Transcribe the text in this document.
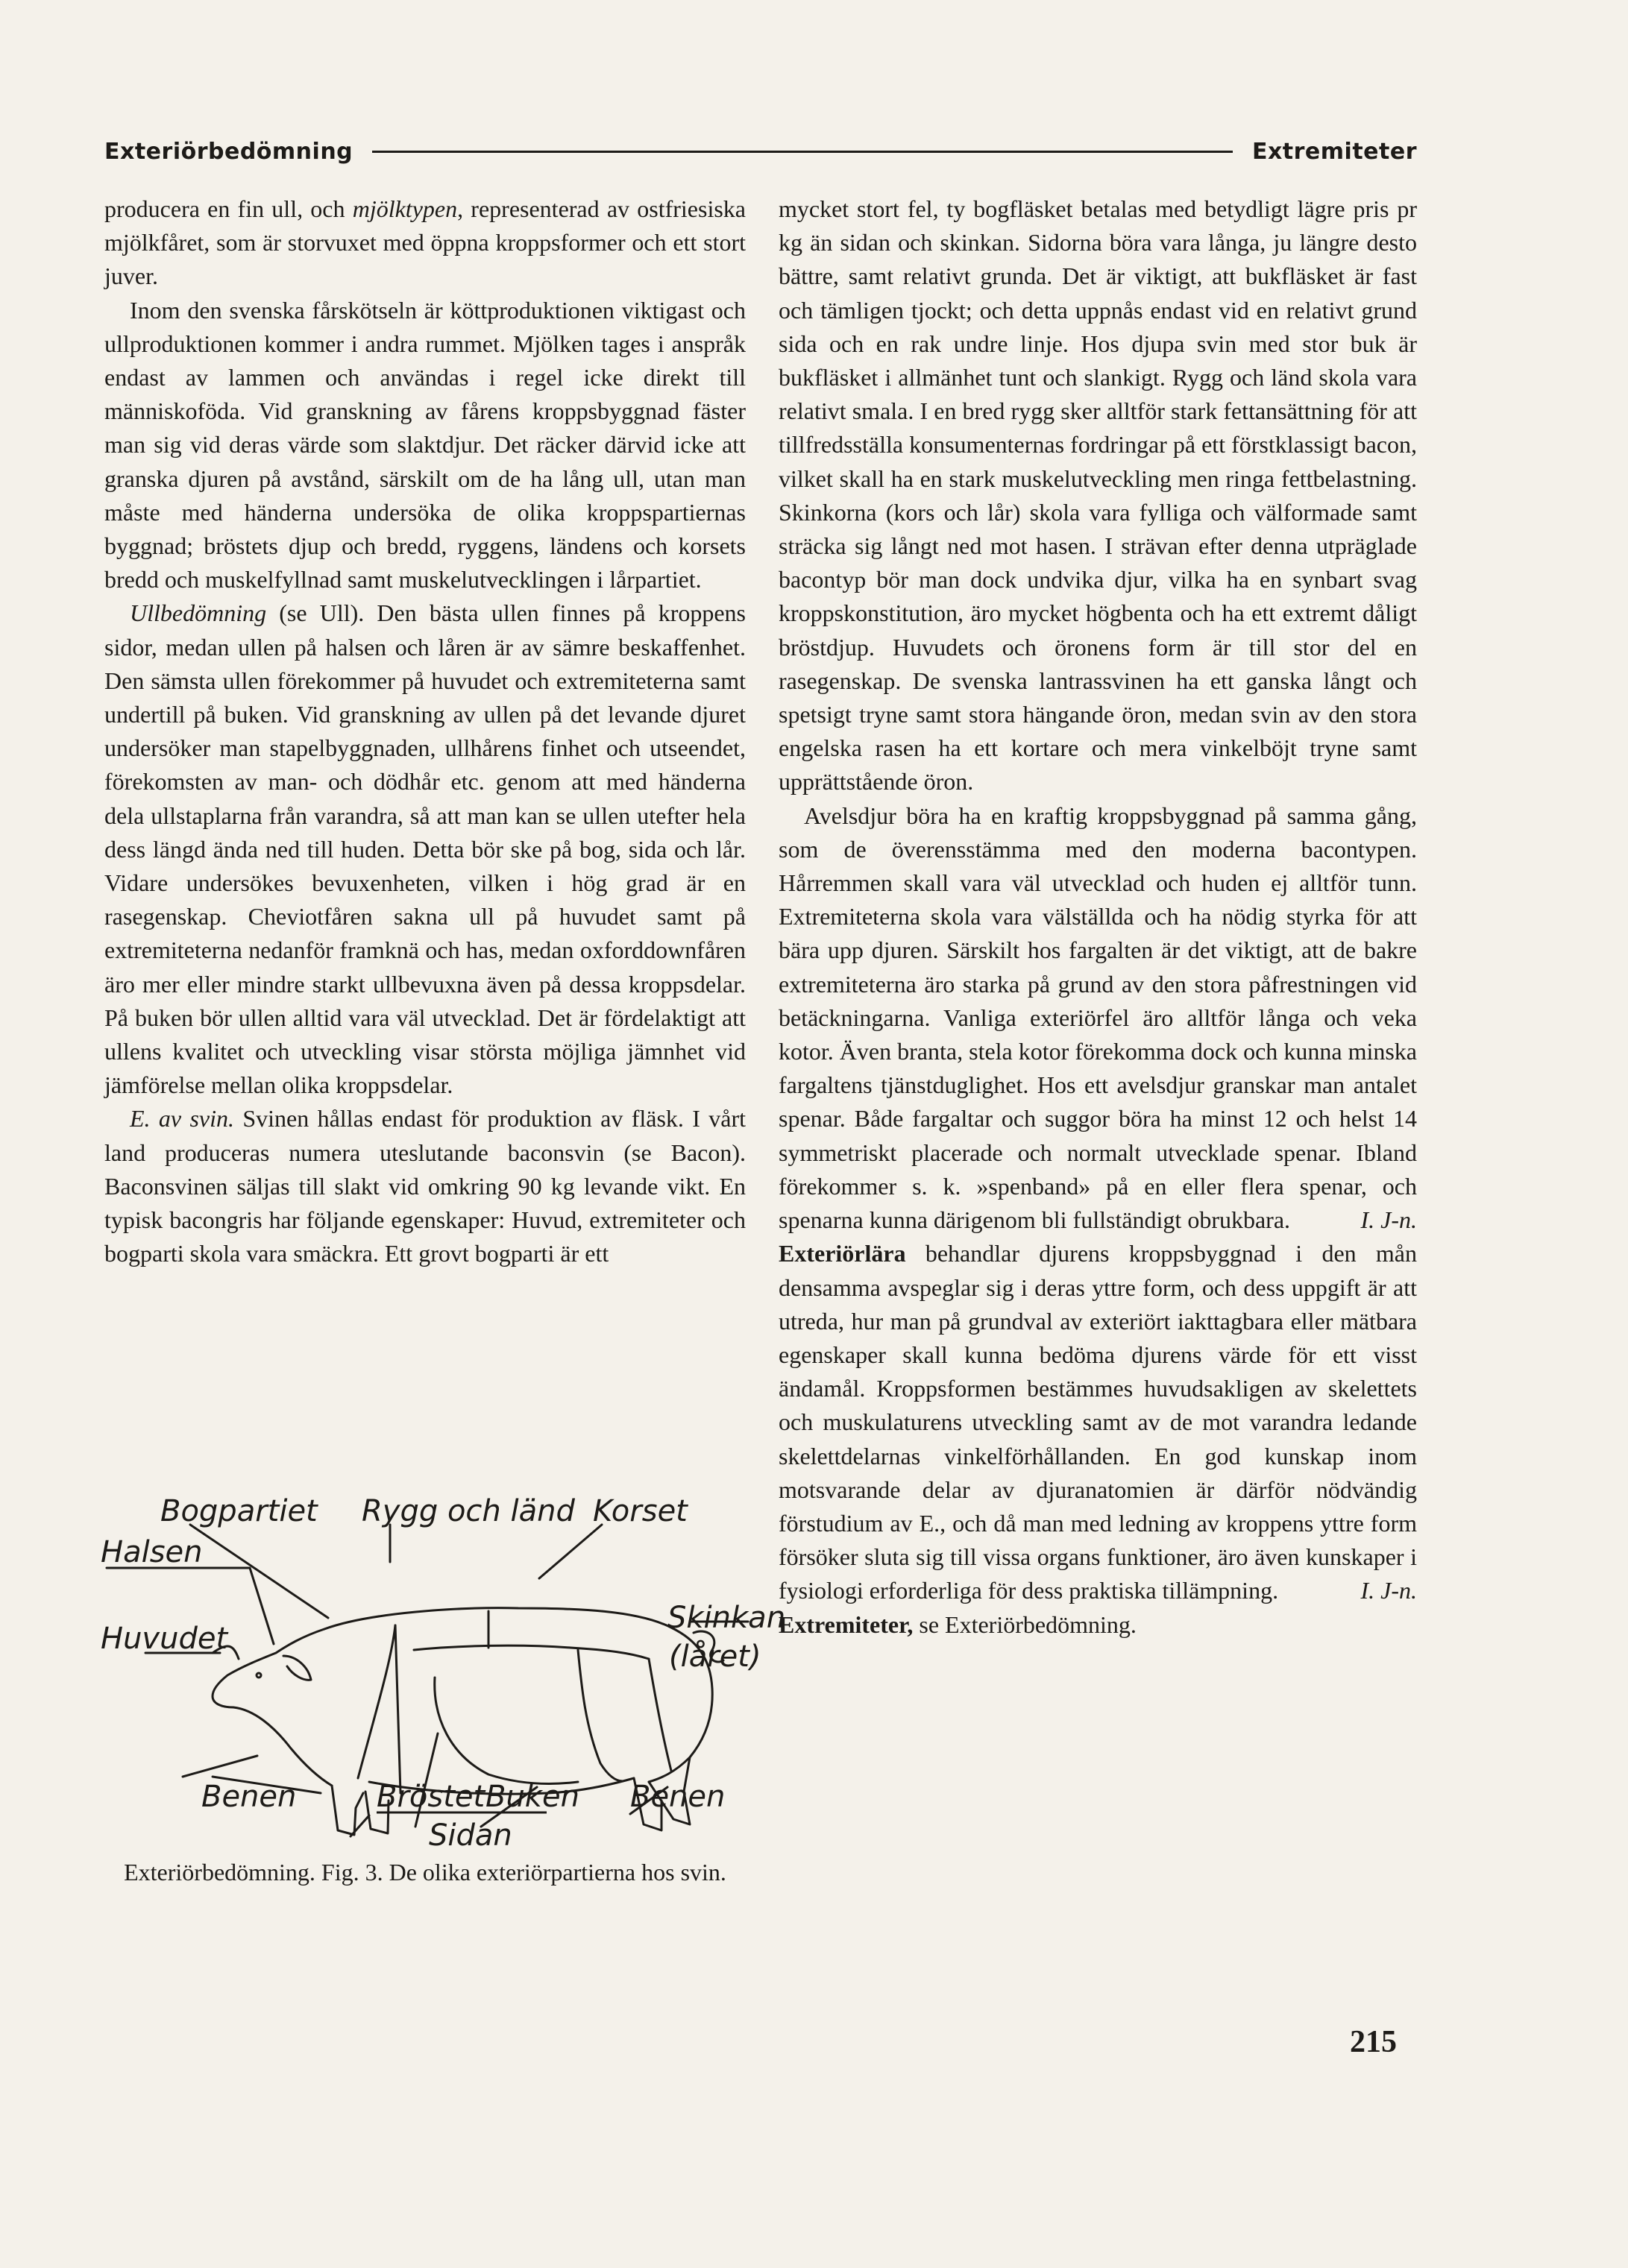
Exteriörbedömning	Extremiteter

producera en fin ull, och mjölktypen, representerad av ostfriesiska mjölkfåret, som är storvuxet med öppna kroppsformer och ett stort juver.

Inom den svenska fårskötseln är köttproduktionen viktigast och ullproduktionen kommer i andra rummet. Mjölken tages i anspråk endast av lammen och användas i regel icke direkt till människoföda. Vid granskning av fårens kroppsbyggnad fäster man sig vid deras värde som slaktdjur. Det räcker därvid icke att granska djuren på avstånd, särskilt om de ha lång ull, utan man måste med händerna undersöka de olika kroppspartiernas byggnad; bröstets djup och bredd, ryggens, ländens och korsets bredd och muskelfyllnad samt muskelutvecklingen i lårpartiet.

Ullbedömning (se Ull). Den bästa ullen finnes på kroppens sidor, medan ullen på halsen och låren är av sämre beskaffenhet. Den sämsta ullen förekommer på huvudet och extremiteterna samt undertill på buken. Vid granskning av ullen på det levande djuret undersöker man stapelbyggnaden, ullhårens finhet och utseendet, förekomsten av man- och dödhår etc. genom att med händerna dela ullstaplarna från varandra, så att man kan se ullen utefter hela dess längd ända ned till huden. Detta bör ske på bog, sida och lår. Vidare undersökes bevuxenheten, vilken i hög grad är en rasegenskap. Cheviotfåren sakna ull på huvudet samt på extremiteterna nedanför framknä och has, medan oxforddownfåren äro mer eller mindre starkt ullbevuxna även på dessa kroppsdelar. På buken bör ullen alltid vara väl utvecklad. Det är fördelaktigt att ullens kvalitet och utveckling visar största möjliga jämnhet vid jämförelse mellan olika kroppsdelar.

E. av svin. Svinen hållas endast för produktion av fläsk. I vårt land produceras numera uteslutande baconsvin (se Bacon). Baconsvinen säljas till slakt vid omkring 90 kg levande vikt. En typisk bacongris har följande egenskaper: Huvud, extremiteter och bogparti skola vara smäckra. Ett grovt bogparti är ett

Bogpartiet Rygg och länd Korset
Halsen
Huvudet
Skinkan
(låret)
Benen	Bröstet Buken Benen
Sidan
Exteriörbedömning. Fig. 3. De olika exteriörpartierna hos svin.

mycket stort fel, ty bogfläsket betalas med betydligt lägre pris pr kg än sidan och skinkan. Sidorna böra vara långa, ju längre desto bättre, samt relativt grunda. Det är viktigt, att bukfläsket är fast och tämligen tjockt; och detta uppnås endast vid en relativt grund sida och en rak undre linje. Hos djupa svin med stor buk är bukfläsket i allmänhet tunt och slankigt. Rygg och länd skola vara relativt smala. I en bred rygg sker alltför stark fettansättning för att tillfredsställa konsumenternas fordringar på ett förstklassigt bacon, vilket skall ha en stark muskelutveckling men ringa fettbelastning. Skinkorna (kors och lår) skola vara fylliga och välformade samt sträcka sig långt ned mot hasen. I strävan efter denna utpräglade bacontyp bör man dock undvika djur, vilka ha en synbart svag kroppskonstitution, äro mycket högbenta och ha ett extremt dåligt bröstdjup. Huvudets och öronens form är till stor del en rasegenskap. De svenska lantrassvinen ha ett ganska långt och spetsigt tryne samt stora hängande öron, medan svin av den stora engelska rasen ha ett kortare och mera vinkelböjt tryne samt upprättstående öron.

Avelsdjur böra ha en kraftig kroppsbyggnad på samma gång, som de överensstämma med den moderna bacontypen. Hårremmen skall vara väl utvecklad och huden ej alltför tunn. Extremiteterna skola vara välställda och ha nödig styrka för att bära upp djuren. Särskilt hos fargalten är det viktigt, att de bakre extremiteterna äro starka på grund av den stora påfrestningen vid betäckningarna. Vanliga exteriörfel äro alltför långa och veka kotor. Även branta, stela kotor förekomma dock och kunna minska fargaltens tjänstduglighet. Hos ett avelsdjur granskar man antalet spenar. Både fargaltar och suggor böra ha minst 12 och helst 14 symmetriskt placerade och normalt utvecklade spenar. Ibland förekommer s. k. »spenband» på en eller flera spenar, och spenarna kunna därigenom bli fullständigt obrukbara.	I. J-n.

Exteriörlära behandlar djurens kroppsbyggnad i den mån densamma avspeglar sig i deras yttre form, och dess uppgift är att utreda, hur man på grundval av exteriört iakttagbara eller mätbara egenskaper skall kunna bedöma djurens värde för ett visst ändamål. Kroppsformen bestämmes huvudsakligen av skelettets och muskulaturens utveckling samt av de mot varandra ledande skelettdelarnas vinkelförhållanden. En god kunskap inom motsvarande delar av djuranatomien är därför nödvändig förstudium av E., och då man med ledning av kroppens yttre form försöker sluta sig till vissa organs funktioner, äro även kunskaper i fysiologi erforderliga för dess praktiska tillämpning.	I. J-n.

Extremiteter, se Exteriörbedömning.

215
